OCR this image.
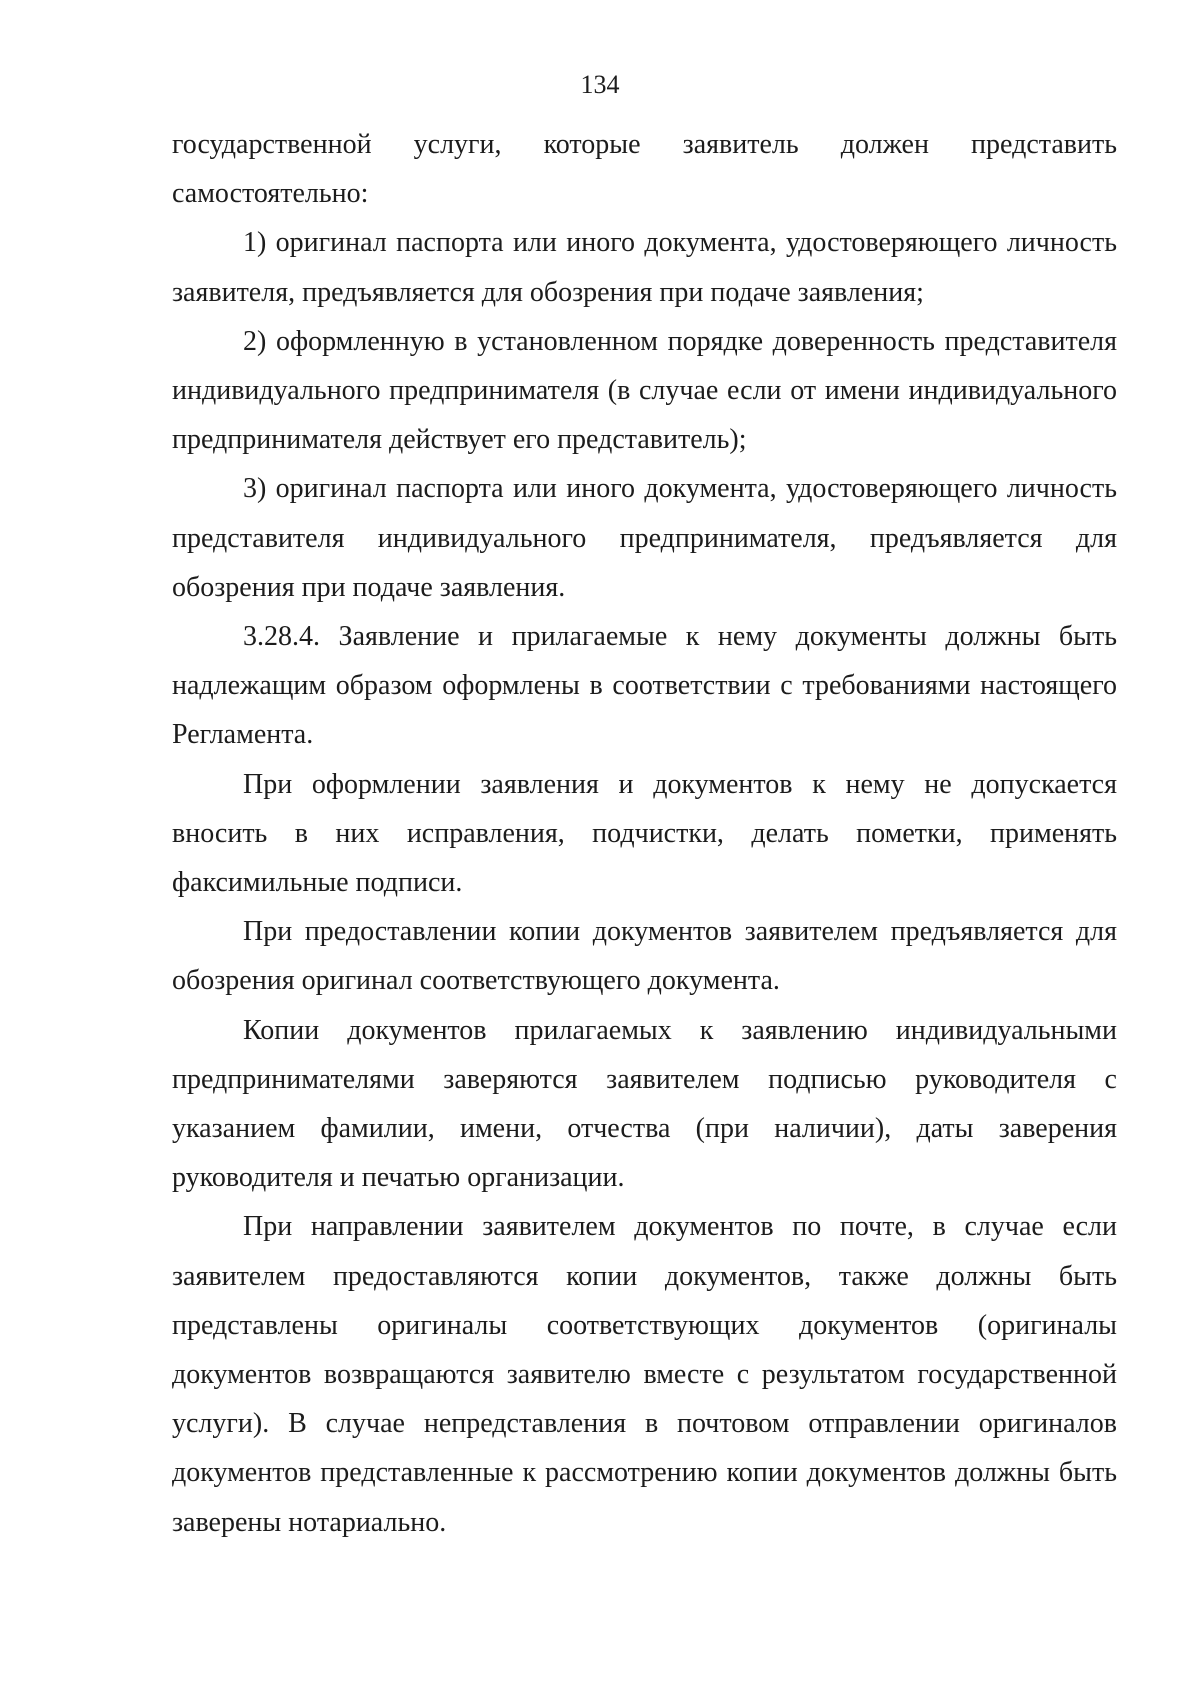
134

государственной услуги, которые заявитель должен представить самостоятельно:

1) оригинал паспорта или иного документа, удостоверяющего личность заявителя, предъявляется для обозрения при подаче заявления;

2) оформленную в установленном порядке доверенность представителя индивидуального предпринимателя (в случае если от имени индивидуального предпринимателя действует его представитель);

3) оригинал паспорта или иного документа, удостоверяющего личность представителя индивидуального предпринимателя, предъявляется для обозрения при подаче заявления.

3.28.4. Заявление и прилагаемые к нему документы должны быть надлежащим образом оформлены в соответствии с требованиями настоящего Регламента.

При оформлении заявления и документов к нему не допускается вносить в них исправления, подчистки, делать пометки, применять факсимильные подписи.

При предоставлении копии документов заявителем предъявляется для обозрения оригинал соответствующего документа.

Копии документов прилагаемых к заявлению индивидуальными предпринимателями заверяются заявителем подписью руководителя с указанием фамилии, имени, отчества (при наличии), даты заверения руководителя и печатью организации.

При направлении заявителем документов по почте, в случае если заявителем предоставляются копии документов, также должны быть представлены оригиналы соответствующих документов (оригиналы документов возвращаются заявителю вместе с результатом государственной услуги). В случае непредставления в почтовом отправлении оригиналов документов представленные к рассмотрению копии документов должны быть заверены нотариально.
